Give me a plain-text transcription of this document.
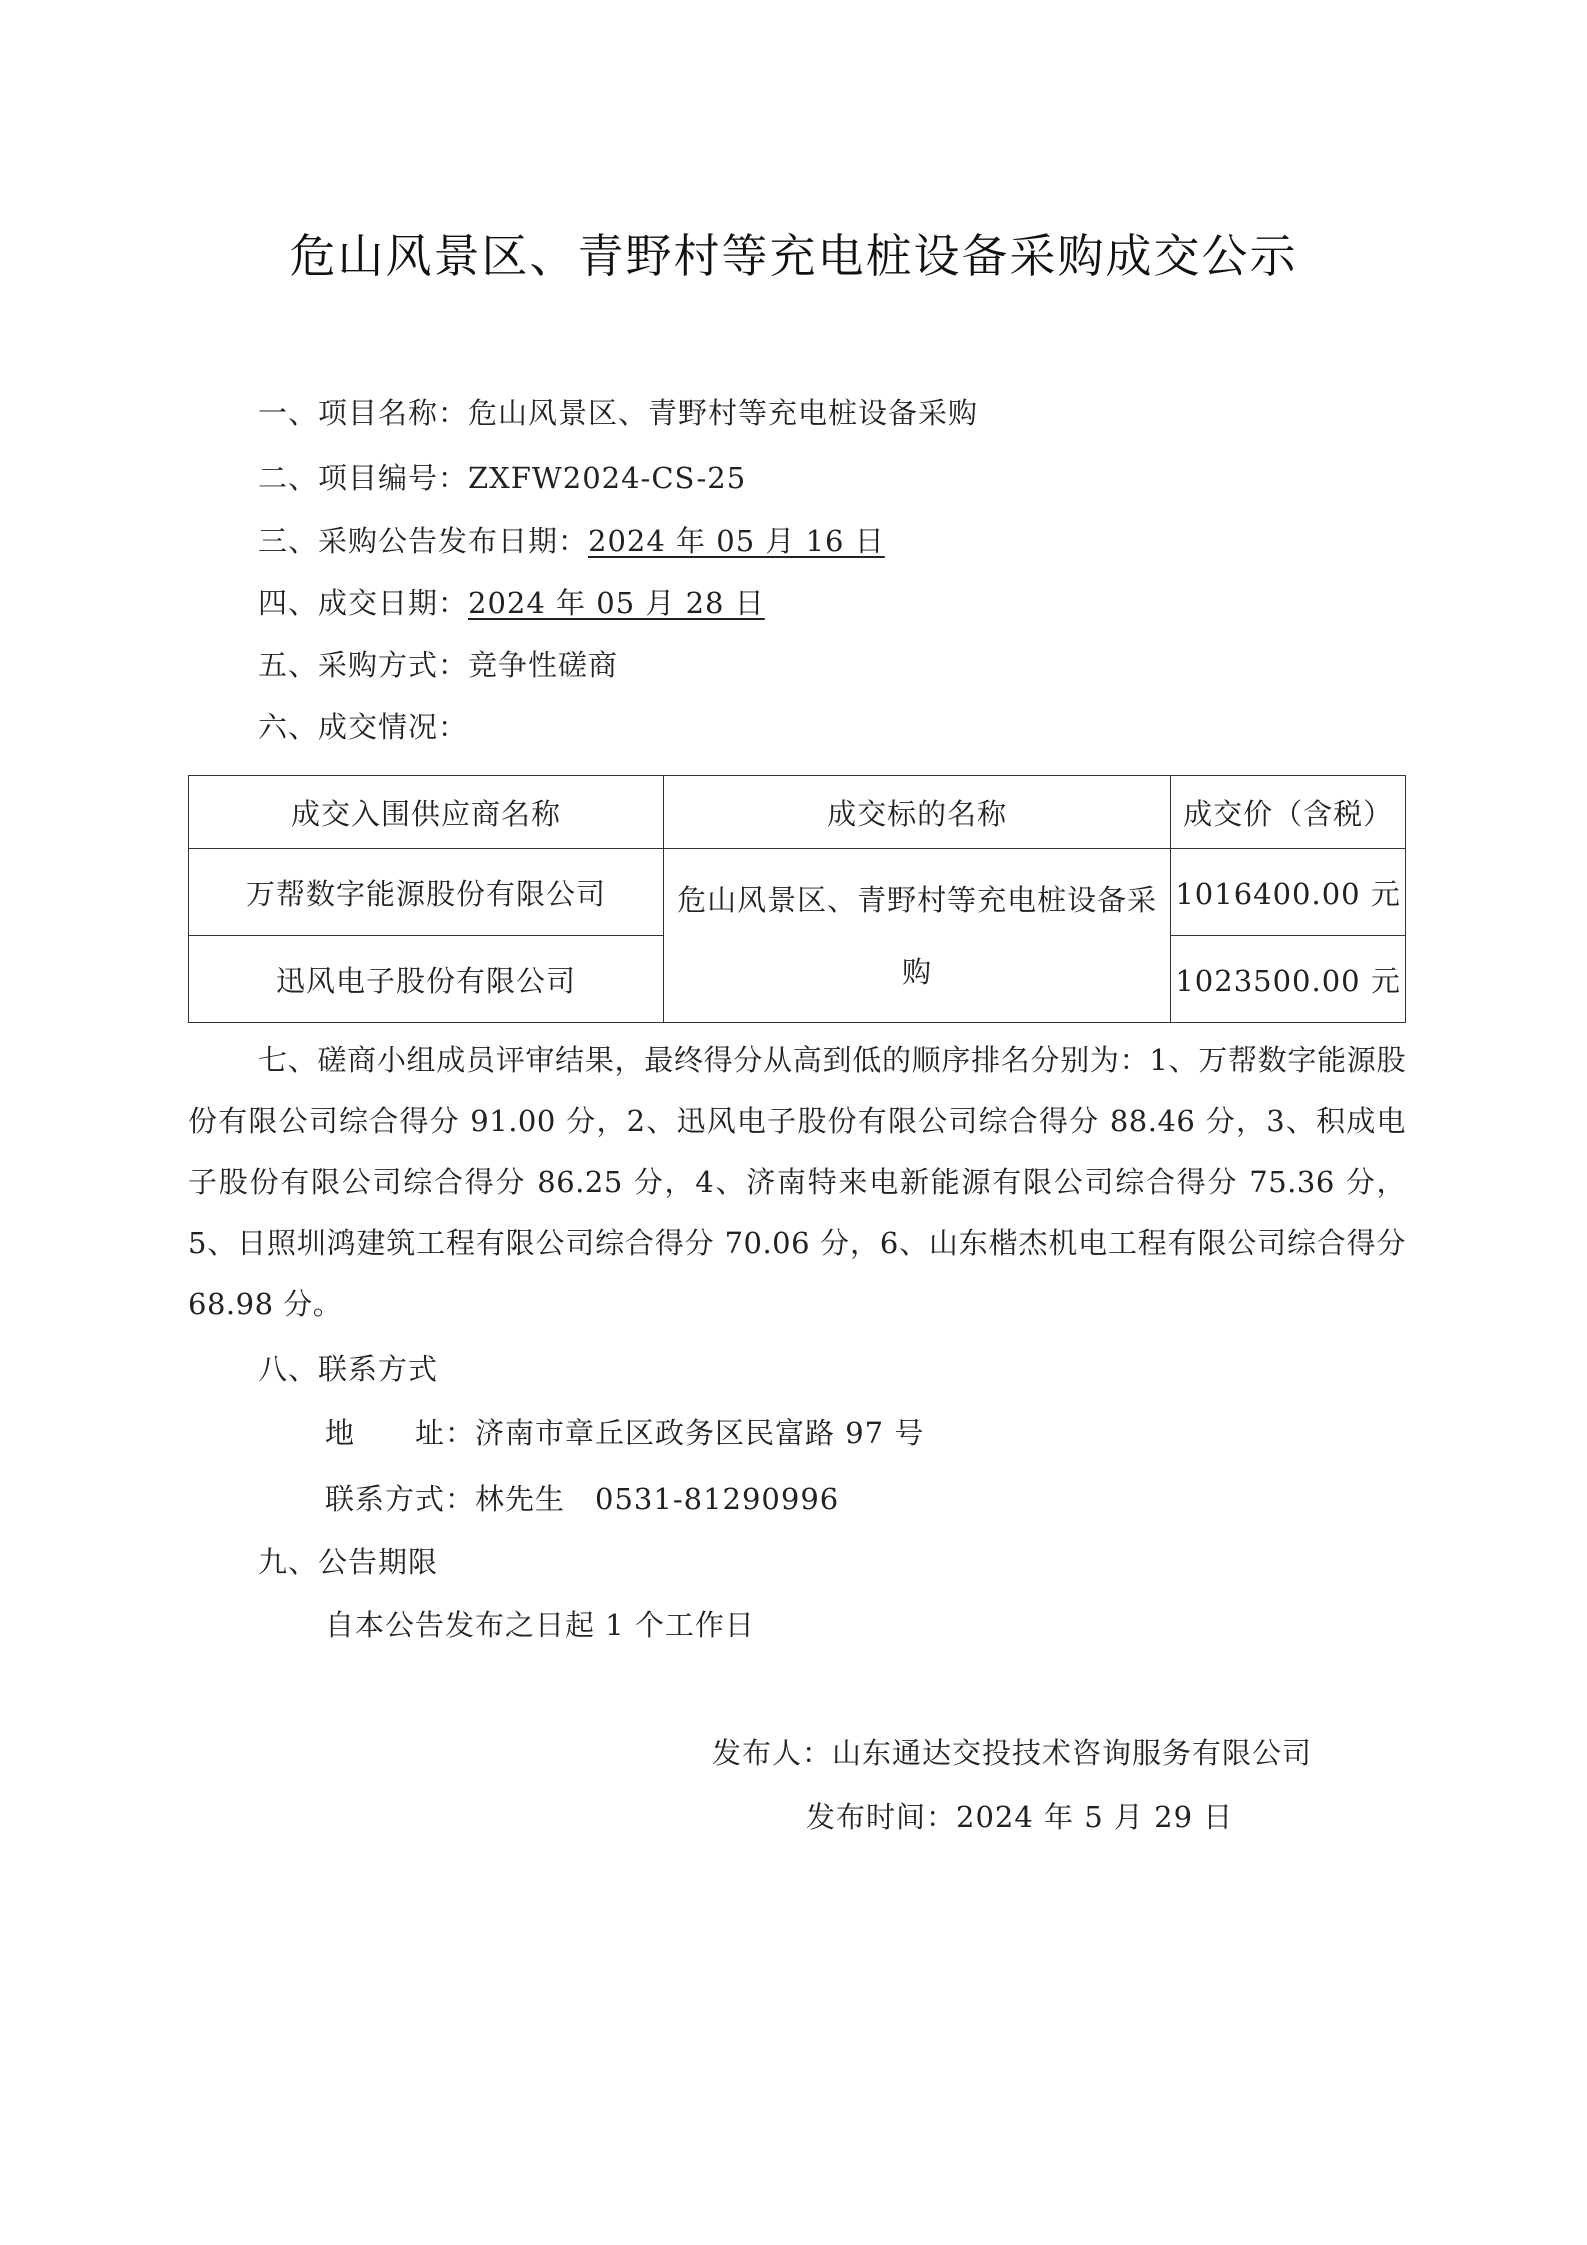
危山风景区、青野村等充电桩设备采购成交公示
一、项目名称：危山风景区、青野村等充电桩设备采购
二、项目编号：ZXFW2024-CS-25
三、采购公告发布日期：2024 年 05 月 16 日
四、成交日期：2024 年 05 月 28 日
五、采购方式：竞争性磋商
六、成交情况：
成交入围供应商名称	成交标的名称	成交价（含税）
万帮数字能源股份有限公司	危山风景区、青野村等充电桩设备采购	1016400.00 元
迅风电子股份有限公司		1023500.00 元
七、磋商小组成员评审结果，最终得分从高到低的顺序排名分别为：1、万帮数字能源股份有限公司综合得分 91.00 分，2、迅风电子股份有限公司综合得分 88.46 分，3、积成电子股份有限公司综合得分 86.25 分，4、济南特来电新能源有限公司综合得分 75.36 分，5、日照圳鸿建筑工程有限公司综合得分 70.06 分，6、山东楷杰机电工程有限公司综合得分 68.98 分。
八、联系方式
地　　址：济南市章丘区政务区民富路 97 号
联系方式：林先生　0531-81290996
九、公告期限
自本公告发布之日起 1 个工作日
发布人：山东通达交投技术咨询服务有限公司
发布时间：2024 年 5 月 29 日
